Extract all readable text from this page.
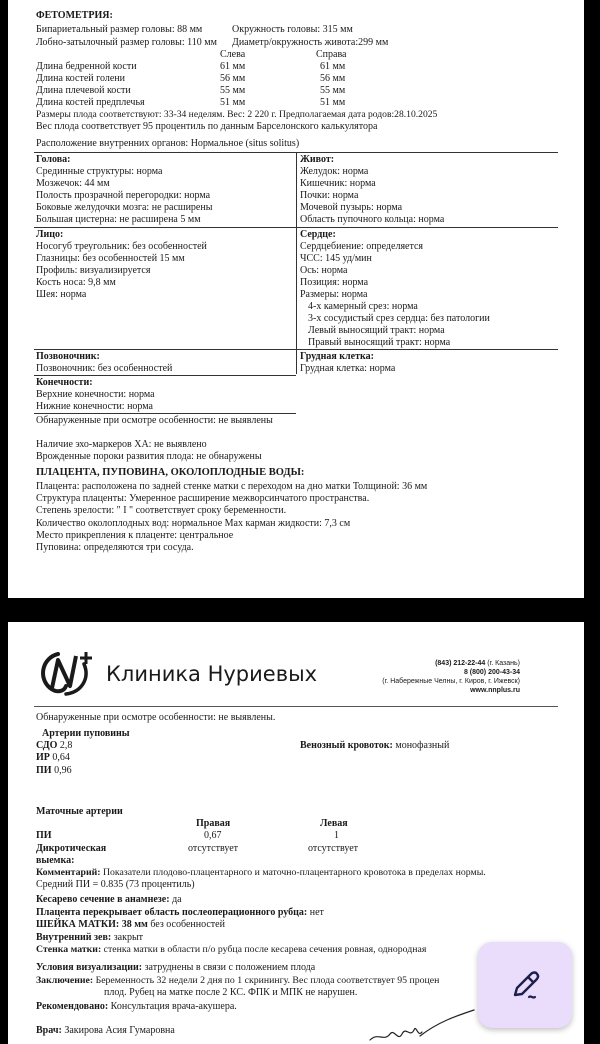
ФЕТОМЕТРИЯ:
Бипариетальный размер головы: 88 мм	Окружность головы: 315 мм
Лобно-затылочный размер головы: 110 мм Диаметр/окружность живота:299 мм
Слева	Справа
Длина бедренной кости	61 мм	61 мм
Длина костей голени	56 мм	56 мм
Длина плечевой кости	55 мм	55 мм
Длина костей предплечья	51 мм	51 мм
Размеры плода соответствуют: 33-34 неделям. Вес: 2 220 г. Предполагаемая дата родов:28.10.2025
Вес плода соответствует 95 процентиль по данным Барселонского калькулятора
Расположение внутренних органов: Нормальное (situs solitus)
Голова:
Срединные структуры: норма
Мозжечок: 44 мм
Полость прозрачной перегородки: норма
Боковые желудочки мозга: не расширены
Большая цистерна: не расширена 5 мм
Живот:
Желудок: норма
Кишечник: норма
Почки: норма
Мочевой пузырь: норма
Область пупочного кольца: норма
Лицо:
Носогуб треугольник: без особенностей
Глазницы: без особенностей 15 мм
Профиль: визуализируется
Кость носа: 9,8 мм
Шея: норма
Сердце:
Сердцебиение: определяется
ЧСС: 145 уд/мин
Ось: норма
Позиция: норма
Размеры: норма
4-х камерный срез: норма
3-х сосудистый срез сердца: без патологии
Левый выносящий тракт: норма
Правый выносящий тракт: норма
Позвоночник:
Позвоночник: без особенностей
Грудная клетка:
Грудная клетка: норма
Конечности:
Верхние конечности: норма
Нижние конечности: норма
Обнаруженные при осмотре особенности: не выявлены
Наличие эхо-маркеров ХА: не выявлено
Врожденные пороки развития плода: не обнаружены
ПЛАЦЕНТА, ПУПОВИНА, ОКОЛОПЛОДНЫЕ ВОДЫ:
Плацента: расположена по задней стенке матки с переходом на дно матки Толщиной: 36 мм
Структура плаценты: Умеренное расширение межворсинчатого пространства.
Степень зрелости: " I " соответствует сроку беременности.
Количество околоплодных вод: нормальное Max карман жидкости: 7,3 см
Место прикрепления к плаценте: центральное
Пуповина: определяются три сосуда.
Клиника Нуриевых	(843) 212-22-44 (г. Казань)
8 (800) 200-43-34
(г. Набережные Челны, г. Киров, г. Ижевск)
www.nnplus.ru
Обнаруженные при осмотре особенности: не выявлены.
Артерии пуповины
СДО 2,8
ИР 0,64
ПИ 0,96
Венозный кровоток: монофазный
Маточные артерии
Правая	Левая
ПИ	0,67	1
Дикротическая
выемка:
отсутствует	отсутствует
Комментарий: Показатели плодово-плацентарного и маточно-плацентарного кровотока в пределах нормы.
Средний ПИ = 0.835 (73 процентиль)
Кесарево сечение в анамнезе: да
Плацента перекрывает область послеоперационного рубца: нет
ШЕЙКА МАТКИ: 38 мм без особенностей
Внутренний зев: закрыт
Стенка матки: стенка матки в области п/о рубца после кесарева сечения ровная, однородная
Условия визуализации: затруднены в связи с положением плода
Заключение: Беременность 32 недели 2 дня по 1 скринингу. Вес плода соответствует 95 процен
плод. Рубец на матке после 2 КС. ФПК и МПК не нарушен.
Рекомендовано: Консультация врача-акушера.
Врач: Закирова Асия Гумаровна
